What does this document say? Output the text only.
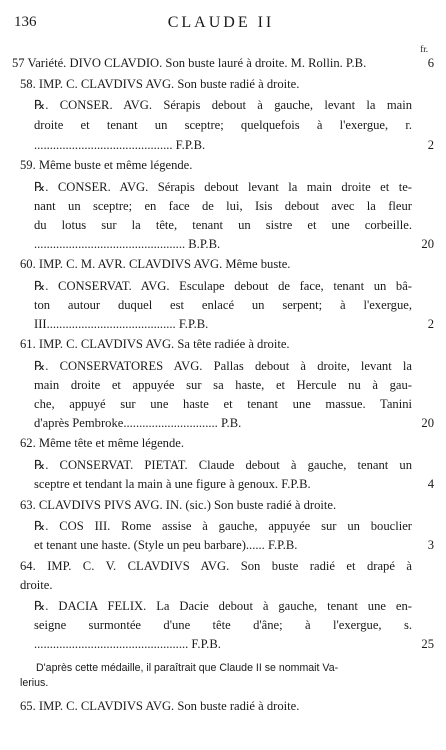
136	CLAUDE II
fr.
57 Variété. DIVO CLAVDIO. Son buste lauré à droite. M. Rollin. P.B.	6
58. IMP. C. CLAVDIVS AVG. Son buste radié à droite.
℞. CONSER. AVG. Sérapis debout à gauche, levant la main
droite et tenant un sceptre; quelquefois à l'exergue, r.
............................................ F.P.B.	2
59. Même buste et même légende.
℞. CONSER. AVG. Sérapis debout levant la main droite et te-
nant un sceptre; en face de lui, Isis debout avec la fleur
du lotus sur la tête, tenant un sistre et une corbeille.
................................................ B.P.B.	20
60. IMP. C. M. AVR. CLAVDIVS AVG. Même buste.
℞. CONSERVAT. AVG. Esculape debout de face, tenant un bâ-
ton autour duquel est enlacé un serpent; à l'exergue,
III......................................... F.P.B.	2
61. IMP. C. CLAVDIVS AVG. Sa tête radiée à droite.
℞. CONSERVATORES AVG. Pallas debout à droite, levant la
main droite et appuyée sur sa haste, et Hercule nu à gau-
che, appuyé sur une haste et tenant une massue. Tanini
d'après Pembroke.............................. P.B.	20
62. Même tête et même légende.
℞. CONSERVAT. PIETAT. Claude debout à gauche, tenant un
sceptre et tendant la main à une figure à genoux. F.P.B.	4
63. CLAVDIVS PIVS AVG. IN. (sic.) Son buste radié à droite.
℞. COS III. Rome assise à gauche, appuyée sur un bouclier
et tenant une haste. (Style un peu barbare)...... F.P.B.	3
64. IMP. C. V. CLAVDIVS AVG. Son buste radié et drapé à
droite.
℞. DACIA FELIX. La Dacie debout à gauche, tenant une en-
seigne surmontée d'une tête d'âne; à l'exergue, s.
................................................. F.P.B.	25
D'après cette médaille, il paraîtrait que Claude II se nommait Va-
lerius.
65. IMP. C. CLAVDIVS AVG. Son buste radié à droite.
